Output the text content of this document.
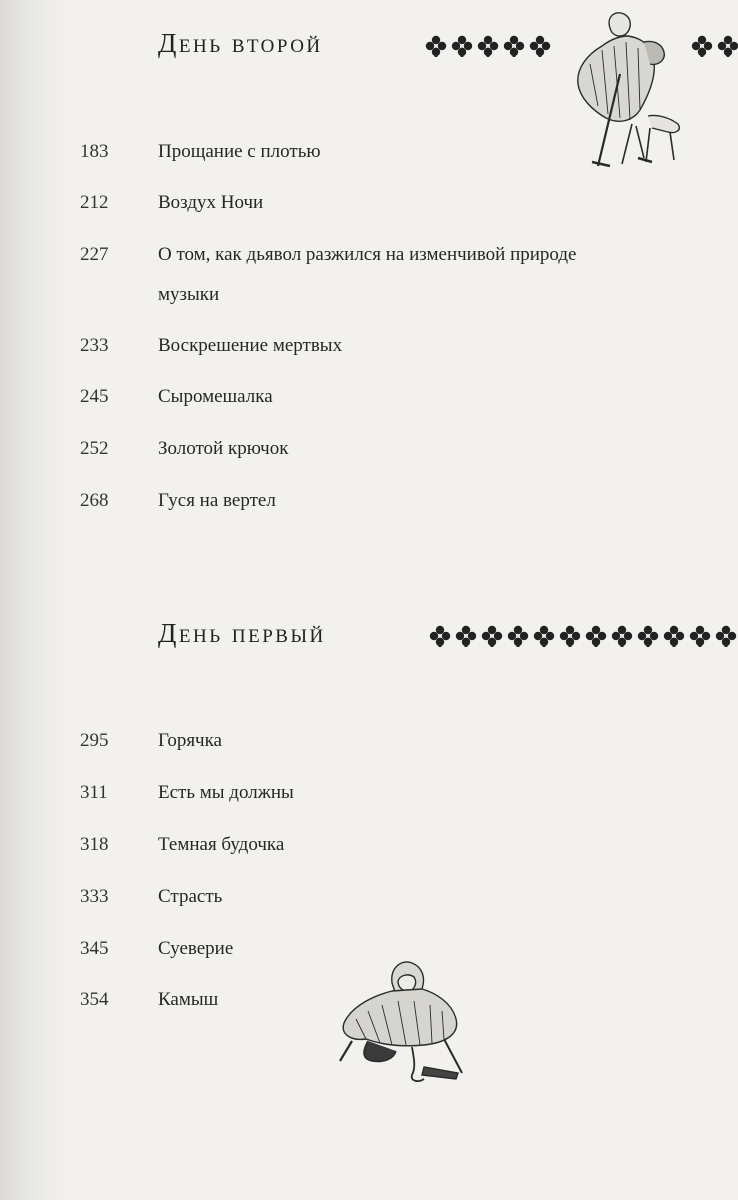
День второй
183	Прощание с плотью
212	Воздух Ночи
227	О том, как дьявол разжился на изменчивой природе музыки
233	Воскрешение мертвых
245	Сыромешалка
252	Золотой крючок
268	Гуся на вертел
День первый
295	Горячка
311	Есть мы должны
318	Темная будочка
333	Страсть
345	Суеверие
354	Камыш
